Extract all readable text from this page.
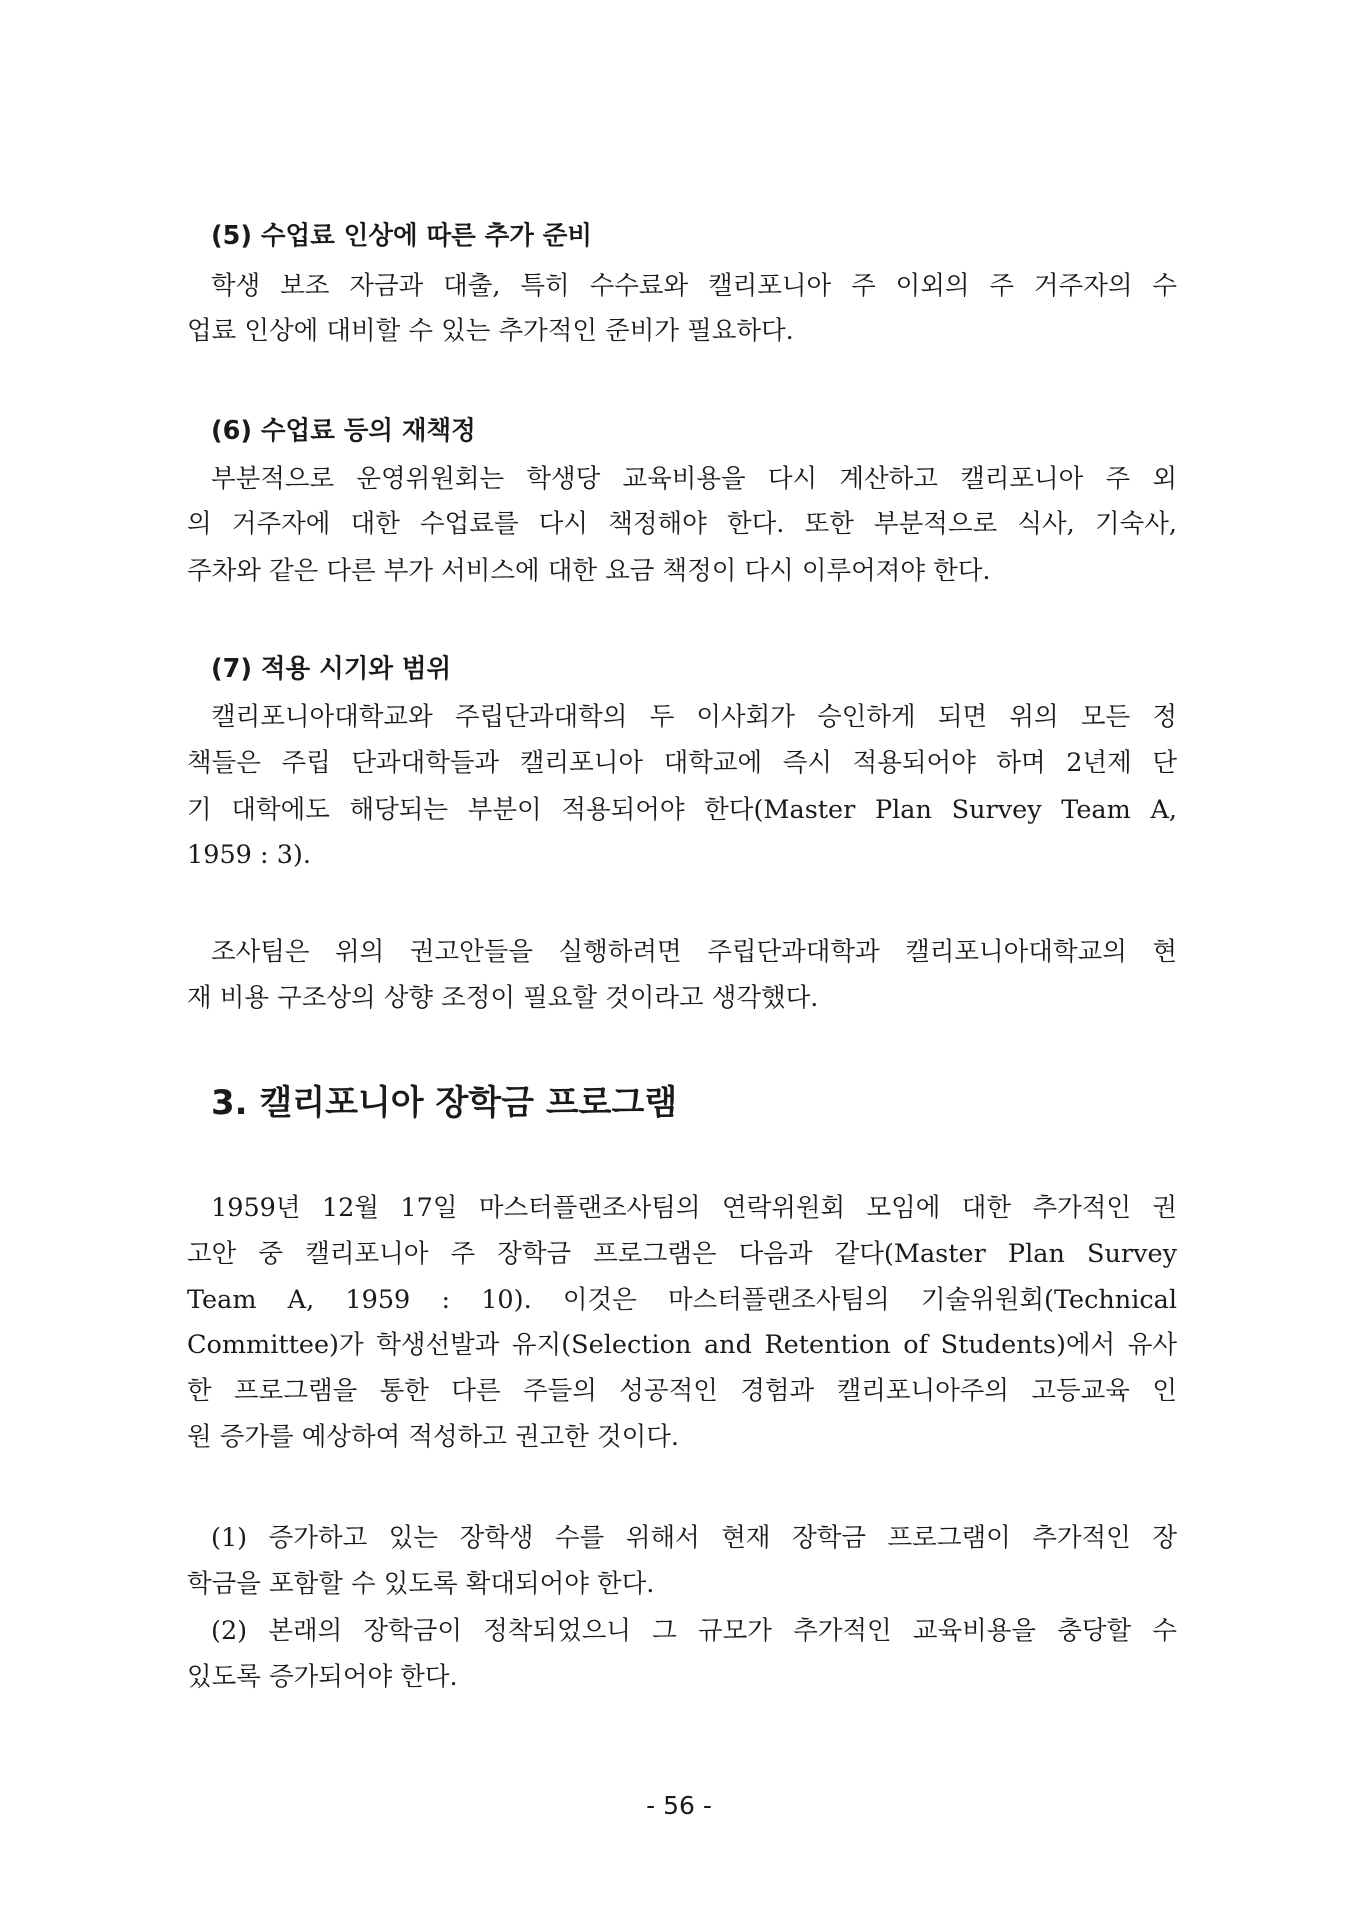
(5) 수업료 인상에 따른 추가 준비
학생 보조 자금과 대출, 특히 수수료와 캘리포니아 주 이외의 주 거주자의 수
업료 인상에 대비할 수 있는 추가적인 준비가 필요하다.
(6) 수업료 등의 재책정
부분적으로 운영위원회는 학생당 교육비용을 다시 계산하고 캘리포니아 주 외
의 거주자에 대한 수업료를 다시 책정해야 한다. 또한 부분적으로 식사, 기숙사,
주차와 같은 다른 부가 서비스에 대한 요금 책정이 다시 이루어져야 한다.
(7) 적용 시기와 범위
캘리포니아대학교와 주립단과대학의 두 이사회가 승인하게 되면 위의 모든 정
책들은 주립 단과대학들과 캘리포니아 대학교에 즉시 적용되어야 하며 2년제 단
기 대학에도 해당되는 부분이 적용되어야 한다(Master Plan Survey Team A,
1959 : 3).
조사팀은 위의 권고안들을 실행하려면 주립단과대학과 캘리포니아대학교의 현
재 비용 구조상의 상향 조정이 필요할 것이라고 생각했다.
3. 캘리포니아 장학금 프로그램
1959년 12월 17일 마스터플랜조사팀의 연락위원회 모임에 대한 추가적인 권
고안 중 캘리포니아 주 장학금 프로그램은 다음과 같다(Master Plan Survey
Team A, 1959 : 10). 이것은 마스터플랜조사팀의 기술위원회(Technical
Committee)가 학생선발과 유지(Selection and Retention of Students)에서 유사
한 프로그램을 통한 다른 주들의 성공적인 경험과 캘리포니아주의 고등교육 인
원 증가를 예상하여 적성하고 권고한 것이다.
(1) 증가하고 있는 장학생 수를 위해서 현재 장학금 프로그램이 추가적인 장
학금을 포함할 수 있도록 확대되어야 한다.
(2) 본래의 장학금이 정착되었으니 그 규모가 추가적인 교육비용을 충당할 수
있도록 증가되어야 한다.
- 56 -
